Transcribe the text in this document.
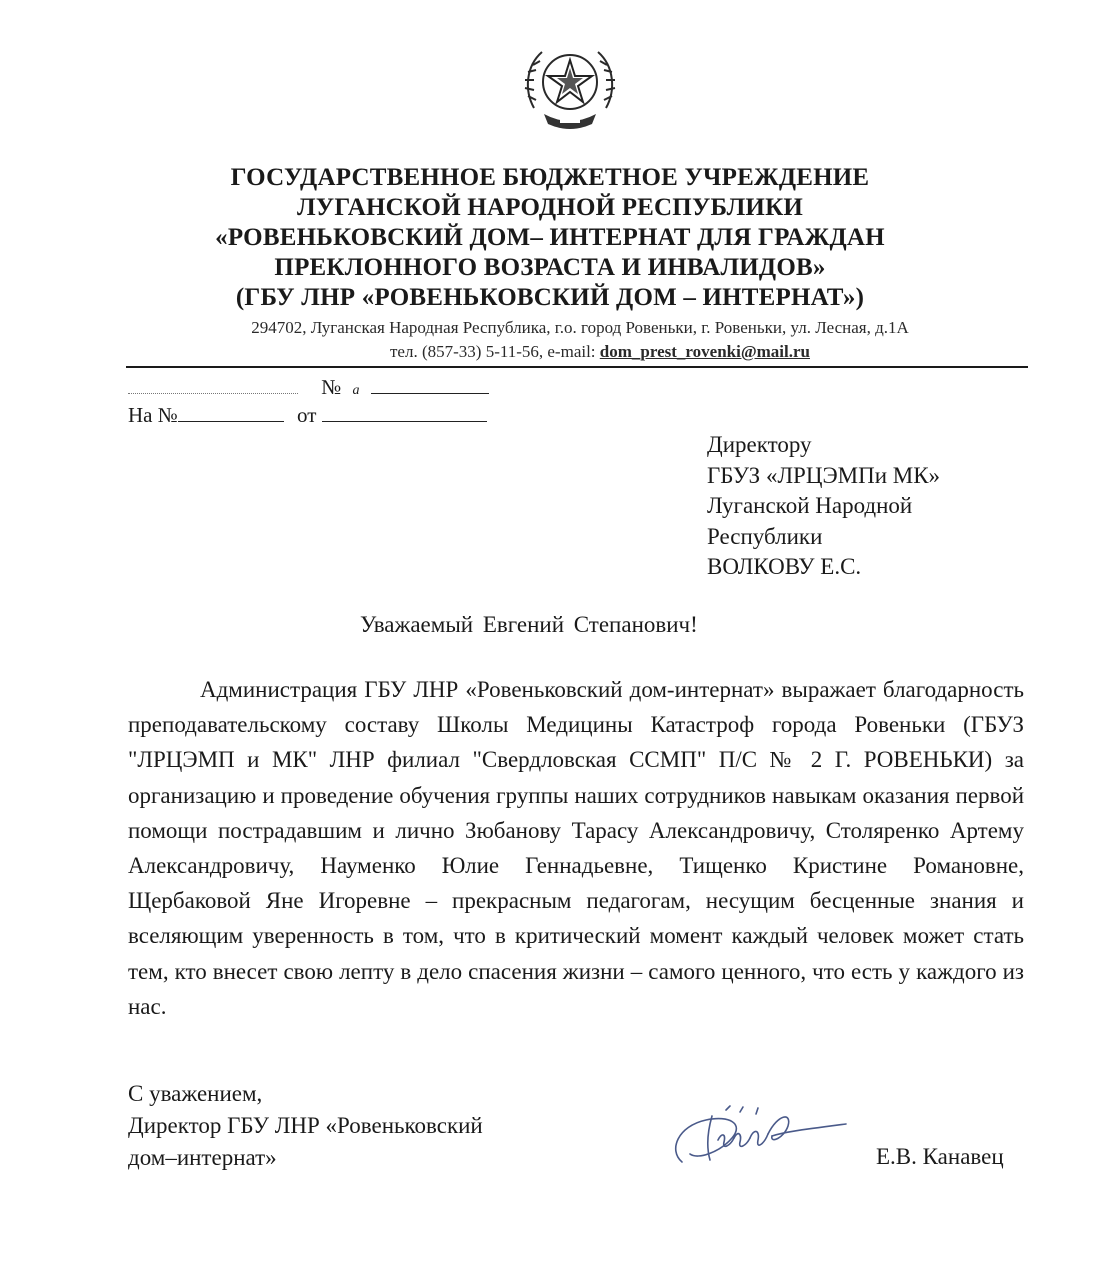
ГОСУДАРСТВЕННОЕ БЮДЖЕТНОЕ УЧРЕЖДЕНИЕ
ЛУГАНСКОЙ НАРОДНОЙ РЕСПУБЛИКИ
«РОВЕНЬКОВСКИЙ ДОМ– ИНТЕРНАТ ДЛЯ ГРАЖДАН
ПРЕКЛОННОГО ВОЗРАСТА И ИНВАЛИДОВ»
(ГБУ ЛНР «РОВЕНЬКОВСКИЙ ДОМ – ИНТЕРНАТ»)
294702, Луганская Народная Республика, г.о. город Ровеньки, г. Ровеньки, ул. Лесная, д.1А
тел. (857-33) 5-11-56, e-mail: dom_prest_rovenki@mail.ru
№ а
На №	от
Директору
ГБУЗ «ЛРЦЭМПи МК»
Луганской Народной
Республики
ВОЛКОВУ Е.С.
Уважаемый Евгений Степанович!
Администрация ГБУ ЛНР «Ровеньковский дом-интернат» выражает благодарность преподавательскому составу Школы Медицины Катастроф города Ровеньки (ГБУЗ "ЛРЦЭМП и МК" ЛНР филиал "Свердловская ССМП" П/С № 2 Г. РОВЕНЬКИ) за организацию и проведение обучения группы наших сотрудников навыкам оказания первой помощи пострадавшим и лично Зюбанову Тарасу Александровичу, Столяренко Артему Александровичу, Науменко Юлие Геннадьевне, Тищенко Кристине Романовне, Щербаковой Яне Игоревне – прекрасным педагогам, несущим бесценные знания и вселяющим уверенность в том, что в критический момент каждый человек может стать тем, кто внесет свою лепту в дело спасения жизни – самого ценного, что есть у каждого из нас.
С уважением,
Директор ГБУ ЛНР «Ровеньковский
дом–интернат»	Е.В. Канавец
